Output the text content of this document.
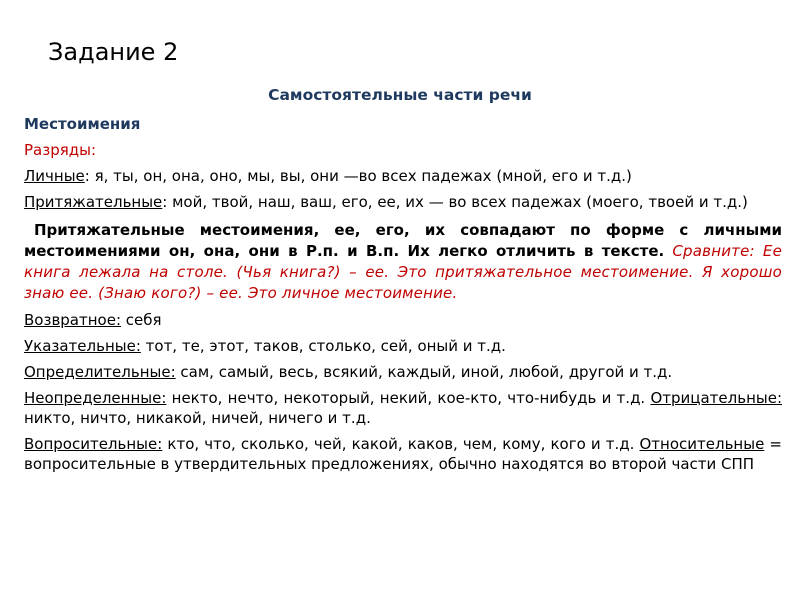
Задание 2
Самостоятельные части речи

Местоимения

Разряды:

Личные: я, ты, он, она, оно, мы, вы, они —во всех падежах (мной, его и т.д.)

Притяжательные: мой, твой, наш, ваш, его, ее, их — во всех падежах (моего, твоей и т.д.)

Притяжательные местоимения, ее, его, их совпадают по форме с личными местоимениями он, она, они в Р.п. и В.п. Их легко отличить в тексте. Сравните: Ее книга лежала на столе. (Чья книга?) – ее. Это притяжательное местоимение. Я хорошо знаю ее. (Знаю кого?) – ее. Это личное местоимение.

Возвратное: себя

Указательные: тот, те, этот, таков, столько, сей, оный и т.д.

Определительные: сам, самый, весь, всякий, каждый, иной, любой, другой и т.д.

Неопределенные: некто, нечто, некоторый, некий, кое-кто, что-нибудь и т.д. Отрицательные: никто, ничто, никакой, ничей, ничего и т.д.

Вопросительные: кто, что, сколько, чей, какой, каков, чем, кому, кого и т.д. Относительные = вопросительные в утвердительных предложениях, обычно находятся во второй части СПП
